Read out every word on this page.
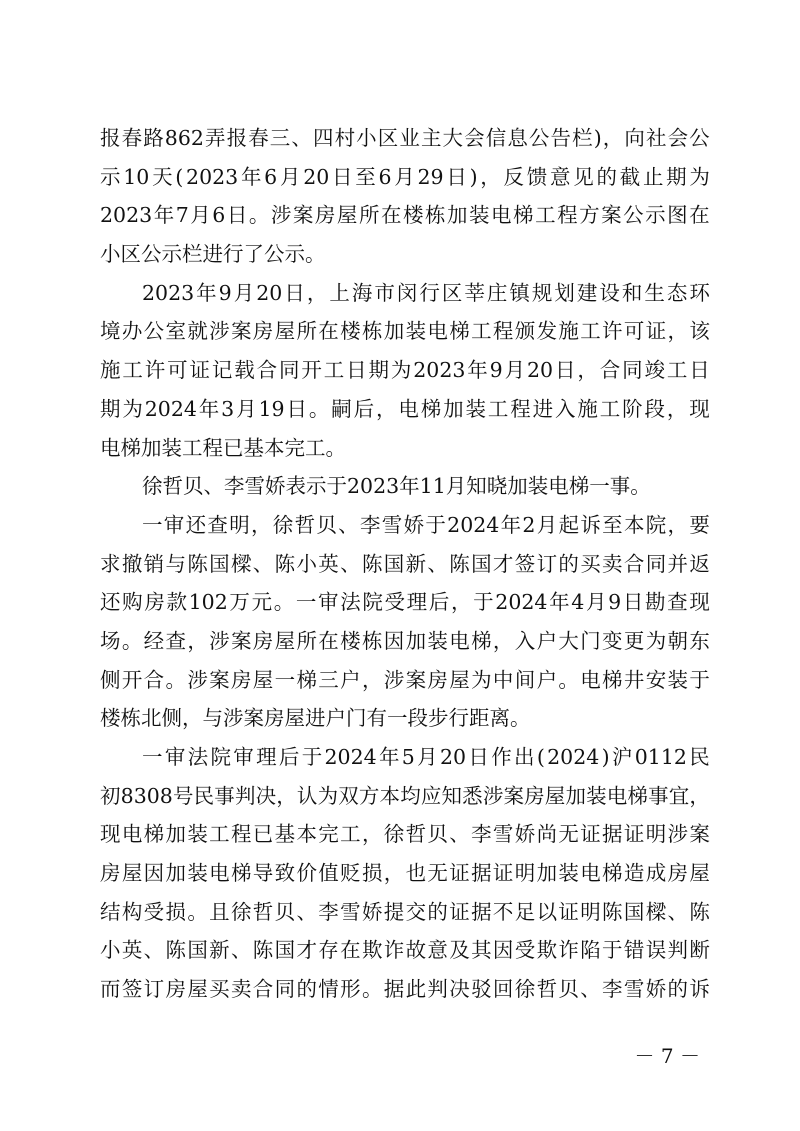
报 春 路 862 弄 报 春 三 、 四 村 小 区 业 主 大 会 信 息 公 告 栏 ) ， 向 社 会 公
示 10 天 ( 2023 年 6 月 20 日 至 6 月 29 日 ) ， 反 馈 意 见 的 截 止 期 为
2023 年 7 月 6 日 。 涉 案 房 屋 所 在 楼 栋 加 装 电 梯 工 程 方 案 公 示 图 在
小区公示栏进行了公示。
2023 年 9 月 20 日 ， 上 海 市 闵 行 区 莘 庄 镇 规 划 建 设 和 生 态 环
境 办 公 室 就 涉 案 房 屋 所 在 楼 栋 加 装 电 梯 工 程 颁 发 施 工 许 可 证 ， 该
施 工 许 可 证 记 载 合 同 开 工 日 期 为 2023 年 9 月 20 日 ， 合 同 竣 工 日
期 为 2024 年 3 月 19 日 。 嗣 后 ， 电 梯 加 装 工 程 进 入 施 工 阶 段 ， 现
电梯加装工程已基本完工。
徐哲贝、李雪娇表示于2023年11月知晓加装电梯一事。
一 审 还 查 明 ， 徐 哲 贝 、 李 雪 娇 于 2024 年 2 月 起 诉 至 本 院 ， 要
求 撤 销 与 陈 国 樑 、 陈 小 英 、 陈 国 新 、 陈 国 才 签 订 的 买 卖 合 同 并 返
还 购 房 款 102 万 元 。 一 审 法 院 受 理 后 ， 于 2024 年 4 月 9 日 勘 查 现
场 。 经 查 ， 涉 案 房 屋 所 在 楼 栋 因 加 装 电 梯 ， 入 户 大 门 变 更 为 朝 东
侧 开 合 。 涉 案 房 屋 一 梯 三 户 ， 涉 案 房 屋 为 中 间 户 。 电 梯 井 安 装 于
楼栋北侧，与涉案房屋进户门有一段步行距离。
一 审 法 院 审 理 后 于 2024 年 5 月 20 日 作 出 ( 2024 ) 沪 0112 民
初 8308 号 民 事 判 决 ， 认 为 双 方 本 均 应 知 悉 涉 案 房 屋 加 装 电 梯 事 宜 ，
现 电 梯 加 装 工 程 已 基 本 完 工 ， 徐 哲 贝 、 李 雪 娇 尚 无 证 据 证 明 涉 案
房 屋 因 加 装 电 梯 导 致 价 值 贬 损 ， 也 无 证 据 证 明 加 装 电 梯 造 成 房 屋
结 构 受 损 。 且 徐 哲 贝 、 李 雪 娇 提 交 的 证 据 不 足 以 证 明 陈 国 樑 、 陈
小 英 、 陈 国 新 、 陈 国 才 存 在 欺 诈 故 意 及 其 因 受 欺 诈 陷 于 错 误 判 断
而 签 订 房 屋 买 卖 合 同 的 情 形 。 据 此 判 决 驳 回 徐 哲 贝 、 李 雪 娇 的 诉
－ 7 －
